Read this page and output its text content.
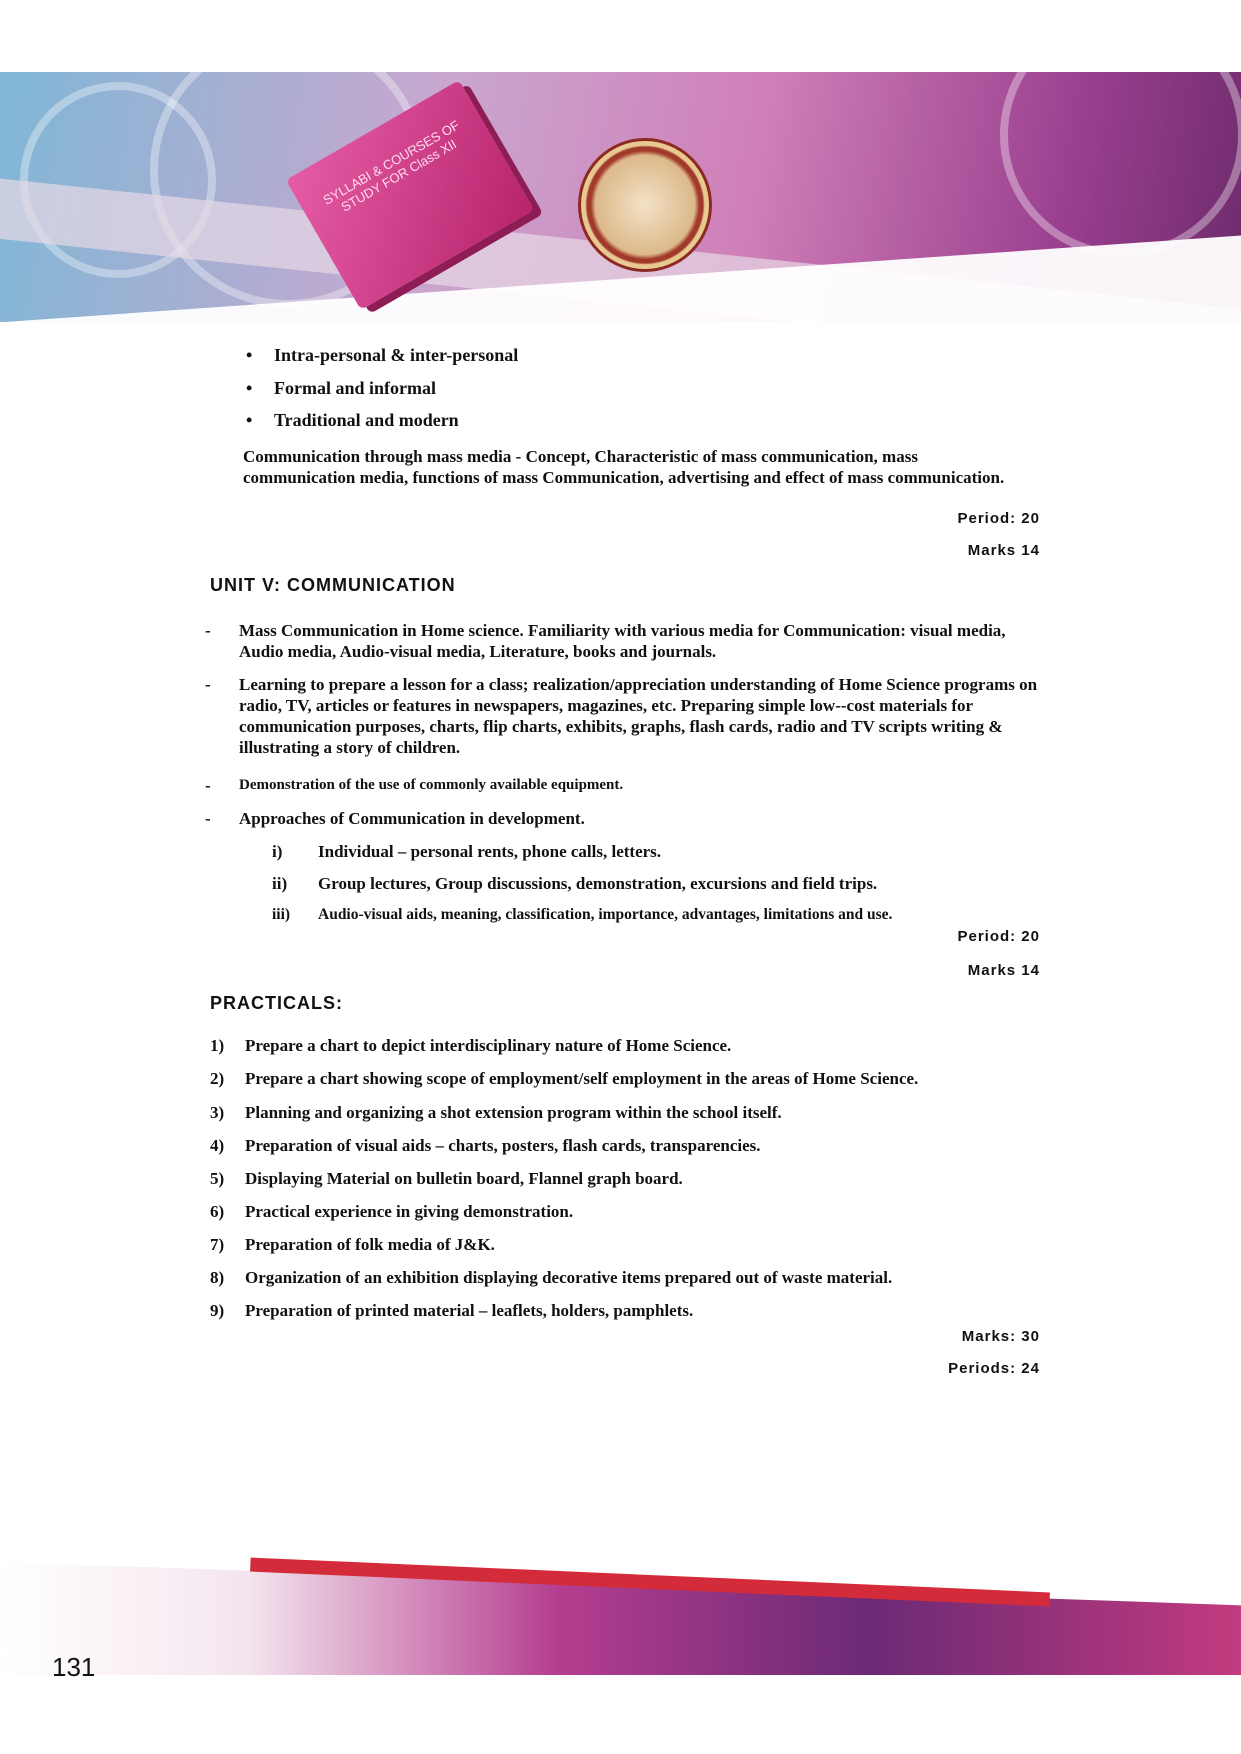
SYLLABI & COURSES OF STUDY FOR Class XII
• Intra-personal & inter-personal
• Formal and informal
• Traditional and modern
Communication through mass media - Concept, Characteristic of mass communication, mass communication media, functions of mass Communication, advertising and effect of mass communication.
Period: 20
Marks 14
UNIT V: COMMUNICATION
- Mass Communication in Home science. Familiarity with various media for Communication: visual media, Audio media, Audio-visual media, Literature, books and journals.
- Learning to prepare a lesson for a class; realization/appreciation understanding of Home Science programs on radio, TV, articles or features in newspapers, magazines, etc. Preparing simple low--cost materials for communication purposes, charts, flip charts, exhibits, graphs, flash cards, radio and TV scripts writing & illustrating a story of children.
- Demonstration of the use of commonly available equipment.
- Approaches of Communication in development.
i) Individual – personal rents, phone calls, letters.
ii) Group lectures, Group discussions, demonstration, excursions and field trips.
iii) Audio-visual aids, meaning, classification, importance, advantages, limitations and use.
Period: 20
Marks 14
PRACTICALS:
1) Prepare a chart to depict interdisciplinary nature of Home Science.
2) Prepare a chart showing scope of employment/self employment in the areas of Home Science.
3) Planning and organizing a shot extension program within the school itself.
4) Preparation of visual aids – charts, posters, flash cards, transparencies.
5) Displaying Material on bulletin board, Flannel graph board.
6) Practical experience in giving demonstration.
7) Preparation of folk media of J&K.
8) Organization of an exhibition displaying decorative items prepared out of waste material.
9) Preparation of printed material – leaflets, holders, pamphlets.
Marks: 30
Periods: 24
131
